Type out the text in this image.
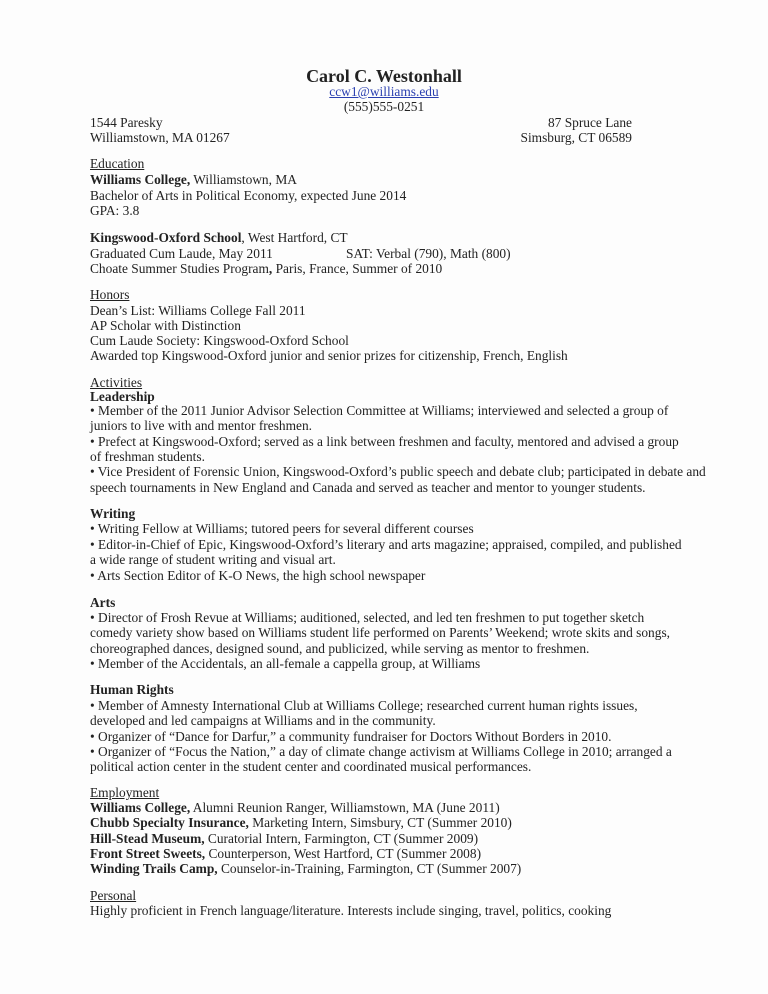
Carol C. Westonhall
ccw1@williams.edu
(555)555-0251
1544 Paresky
Williamstown, MA 01267
87 Spruce Lane
Simsburg, CT 06589
Education
Williams College, Williamstown, MA
Bachelor of Arts in Political Economy, expected June 2014
GPA: 3.8
Kingswood-Oxford School, West Hartford, CT
Graduated Cum Laude, May 2011	SAT: Verbal (790), Math (800)
Choate Summer Studies Program, Paris, France, Summer of 2010
Honors
Dean’s List: Williams College Fall 2011
AP Scholar with Distinction
Cum Laude Society: Kingswood-Oxford School
Awarded top Kingswood-Oxford junior and senior prizes for citizenship, French, English
Activities
Leadership
• Member of the 2011 Junior Advisor Selection Committee at Williams; interviewed and selected a group of
juniors to live with and mentor freshmen.
• Prefect at Kingswood-Oxford; served as a link between freshmen and faculty, mentored and advised a group
of freshman students.
• Vice President of Forensic Union, Kingswood-Oxford’s public speech and debate club; participated in debate and
speech tournaments in New England and Canada and served as teacher and mentor to younger students.
Writing
• Writing Fellow at Williams; tutored peers for several different courses
• Editor-in-Chief of Epic, Kingswood-Oxford’s literary and arts magazine; appraised, compiled, and published
a wide range of student writing and visual art.
• Arts Section Editor of K-O News, the high school newspaper
Arts
• Director of Frosh Revue at Williams; auditioned, selected, and led ten freshmen to put together sketch
comedy variety show based on Williams student life performed on Parents’ Weekend; wrote skits and songs,
choreographed dances, designed sound, and publicized, while serving as mentor to freshmen.
• Member of the Accidentals, an all-female a cappella group, at Williams
Human Rights
• Member of Amnesty International Club at Williams College; researched current human rights issues,
developed and led campaigns at Williams and in the community.
• Organizer of “Dance for Darfur,” a community fundraiser for Doctors Without Borders in 2010.
• Organizer of “Focus the Nation,” a day of climate change activism at Williams College in 2010; arranged a
political action center in the student center and coordinated musical performances.
Employment
Williams College, Alumni Reunion Ranger, Williamstown, MA (June 2011)
Chubb Specialty Insurance, Marketing Intern, Simsbury, CT (Summer 2010)
Hill-Stead Museum, Curatorial Intern, Farmington, CT (Summer 2009)
Front Street Sweets, Counterperson, West Hartford, CT (Summer 2008)
Winding Trails Camp, Counselor-in-Training, Farmington, CT (Summer 2007)
Personal
Highly proficient in French language/literature. Interests include singing, travel, politics, cooking
